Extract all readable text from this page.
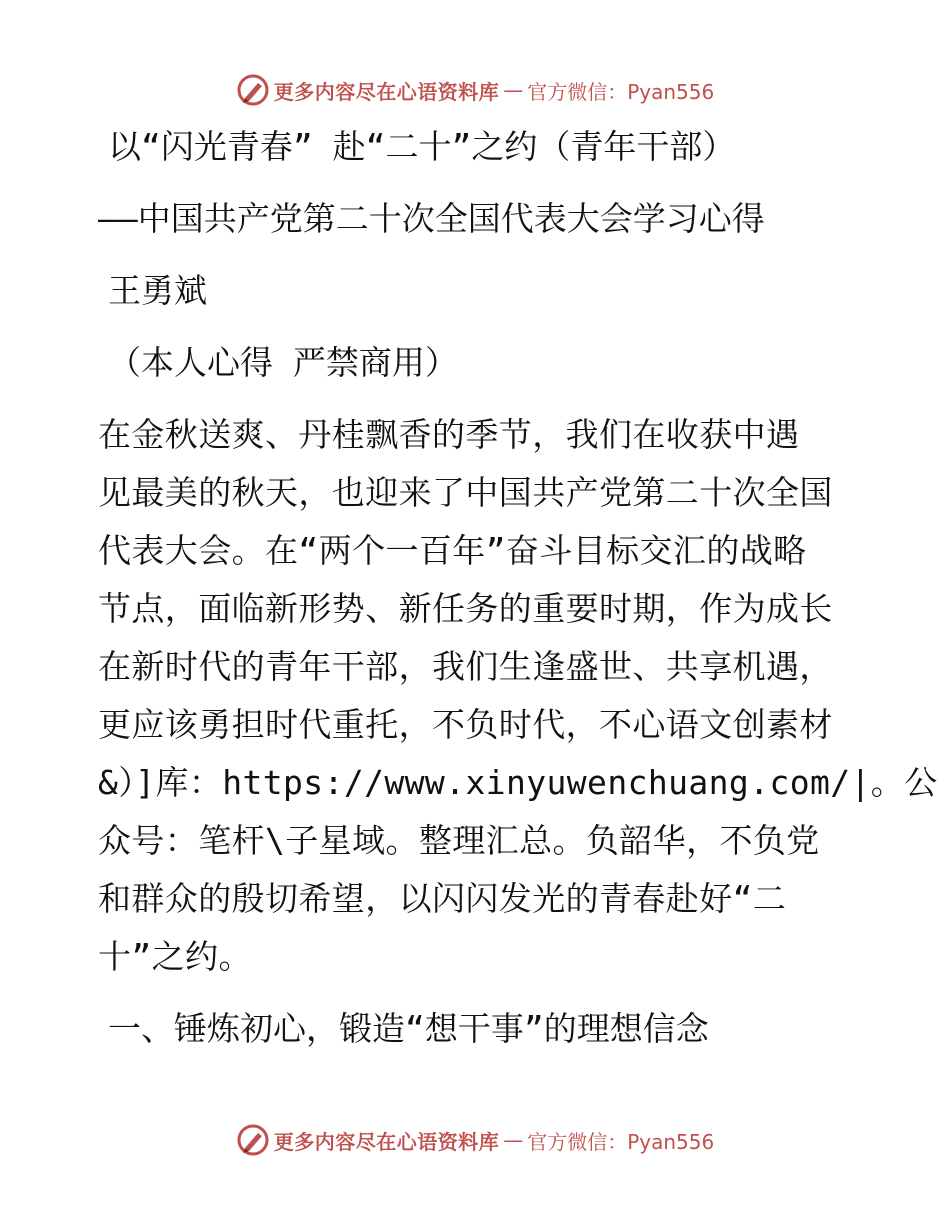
更多内容尽在心语资料库 — 官方微信：Pyan556

以“闪光青春” 赴“二十”之约（青年干部）

——中国共产党第二十次全国代表大会学习心得

王勇斌

（本人心得 严禁商用）

在金秋送爽、丹桂飘香的季节，我们在收获中遇
见最美的秋天，也迎来了中国共产党第二十次全国
代表大会。在“两个一百年”奋斗目标交汇的战略
节点，面临新形势、新任务的重要时期，作为成长
在新时代的青年干部，我们生逢盛世、共享机遇，
更应该勇担时代重托，不负时代，不心语文创素材
&）]库：https://www.xinyuwenchuang.com/|。公
众号：笔杆\子星域。整理汇总。负韶华，不负党
和群众的殷切希望，以闪闪发光的青春赴好“二
十”之约。

一、锤炼初心，锻造“想干事”的理想信念

更多内容尽在心语资料库 — 官方微信：Pyan556
